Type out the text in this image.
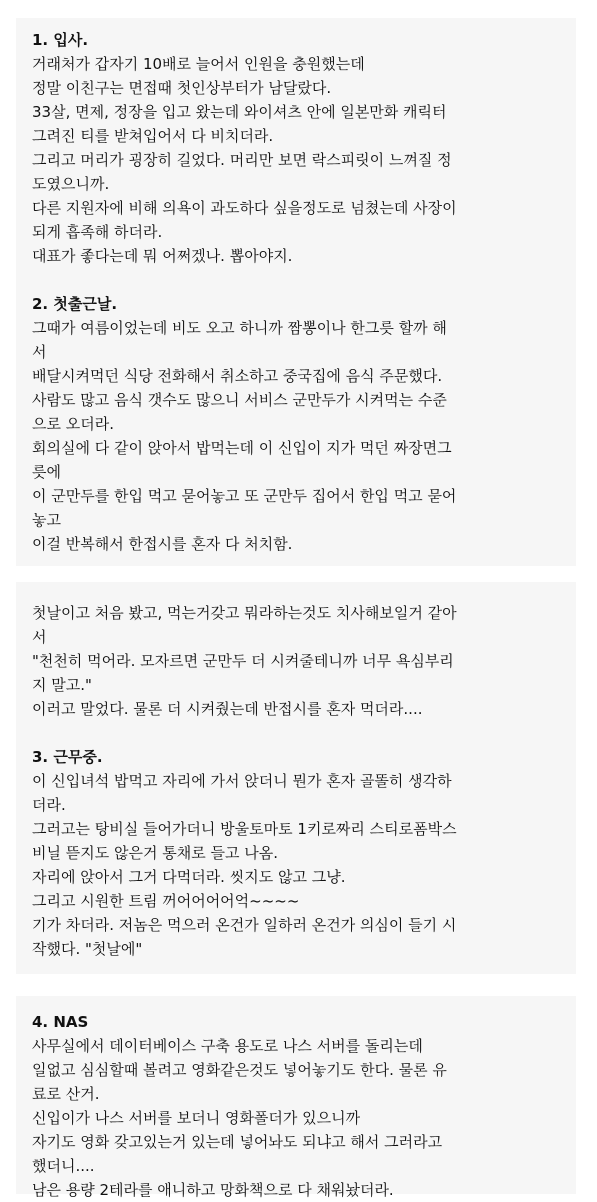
1. 입사.
거래처가 갑자기 10배로 늘어서 인원을 충원했는데
정말 이친구는 면접때 첫인상부터가 남달랐다.
33살, 면제, 정장을 입고 왔는데 와이셔츠 안에 일본만화 캐릭터
그려진 티를 받쳐입어서 다 비치더라.
그리고 머리가 굉장히 길었다. 머리만 보면 락스피릿이 느껴질 정
도였으니까.
다른 지원자에 비해 의욕이 과도하다 싶을정도로 넘쳤는데 사장이
되게 흡족해 하더라.
대표가 좋다는데 뭐 어쩌겠나. 뽑아야지.
2. 첫출근날.
그때가 여름이었는데 비도 오고 하니까 짬뽕이나 한그릇 할까 해
서
배달시켜먹던 식당 전화해서 취소하고 중국집에 음식 주문했다.
사람도 많고 음식 갯수도 많으니 서비스 군만두가 시켜먹는 수준
으로 오더라.
회의실에 다 같이 앉아서 밥먹는데 이 신입이 지가 먹던 짜장면그
릇에
이 군만두를 한입 먹고 묻어놓고 또 군만두 집어서 한입 먹고 묻어
놓고
이걸 반복해서 한접시를 혼자 다 처치함.
첫날이고 처음 봤고, 먹는거갖고 뭐라하는것도 치사해보일거 같아
서
"천천히 먹어라. 모자르면 군만두 더 시켜줄테니까 너무 욕심부리
지 말고."
이러고 말었다. 물론 더 시켜줬는데 반접시를 혼자 먹더라....
3. 근무중.
이 신입녀석 밥먹고 자리에 가서 앉더니 뭔가 혼자 골똘히 생각하
더라.
그러고는 탕비실 들어가더니 방울토마토 1키로짜리 스티로폼박스
비닐 뜯지도 않은거 통채로 들고 나옴.
자리에 앉아서 그거 다먹더라. 씻지도 않고 그냥.
그리고 시원한 트림 꺼어어어어억~~~~
기가 차더라. 저놈은 먹으러 온건가 일하러 온건가 의심이 들기 시
작했다. "첫날에"
4. NAS
사무실에서 데이터베이스 구축 용도로 나스 서버를 돌리는데
일없고 심심할때 볼려고 영화같은것도 넣어놓기도 한다. 물론 유
료로 산거.
신입이가 나스 서버를 보더니 영화폴더가 있으니까
자기도 영화 갖고있는거 있는데 넣어놔도 되냐고 해서 그러라고
했더니....
남은 용량 2테라를 애니하고 망화책으로 다 채워놨더라.
